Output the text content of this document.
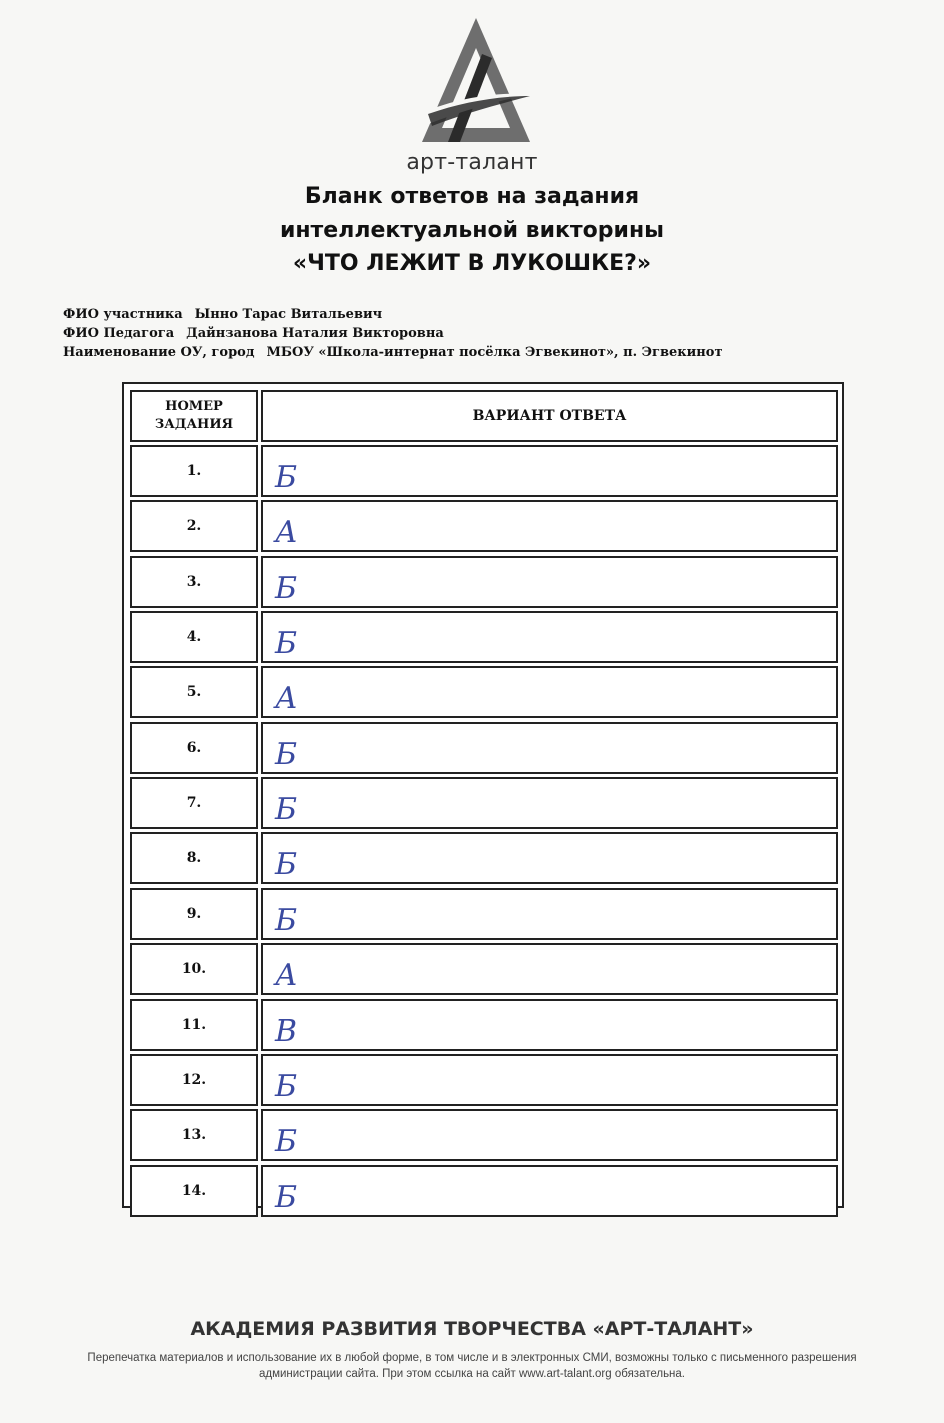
арт-талант
Бланк ответов на задания
интеллектуальной викторины
«ЧТО ЛЕЖИТ В ЛУКОШКЕ?»
ФИО участника Ынно Тарас Витальевич
ФИО Педагога Дайнзанова Наталия Викторовна
Наименование ОУ, город МБОУ «Школа-интернат посёлка Эгвекинот», п. Эгвекинот
НОМЕР ЗАДАНИЯ
ВАРИАНТ ОТВЕТА
1. Б
2. А
3. Б
4. Б
5. А
6. Б
7. Б
8. Б
9. Б
10. А
11. В
12. Б
13. Б
14. Б
АКАДЕМИЯ РАЗВИТИЯ ТВОРЧЕСТВА «АРТ-ТАЛАНТ»
Перепечатка материалов и использование их в любой форме, в том числе и в электронных СМИ, возможны только с письменного разрешения администрации сайта. При этом ссылка на сайт www.art-talant.org обязательна.
